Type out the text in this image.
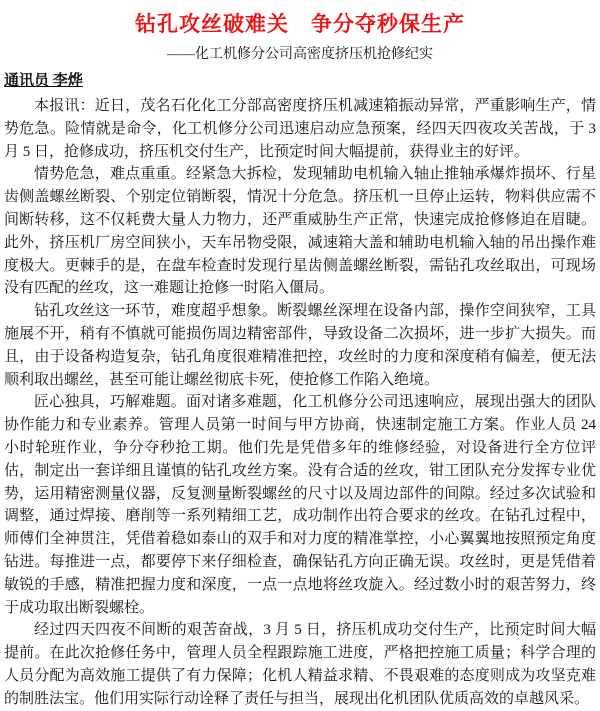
钻孔攻丝破难关　争分夺秒保生产
——化工机修分公司高密度挤压机抢修纪实
通讯员 李烨

本报讯：近日，茂名石化化工分部高密度挤压机减速箱振动异常，严重影响生产，情势危急。险情就是命令，化工机修分公司迅速启动应急预案，经四天四夜攻关苦战，于 3 月 5 日，抢修成功，挤压机交付生产，比预定时间大幅提前，获得业主的好评。

情势危急，难点重重。经紧急大拆检，发现辅助电机输入轴止推轴承爆炸损坏、行星齿侧盖螺丝断裂、个别定位销断裂，情况十分危急。挤压机一旦停止运转，物料供应需不间断转移，这不仅耗费大量人力物力，还严重威胁生产正常，快速完成抢修修迫在眉睫。此外，挤压机厂房空间狭小，天车吊物受限，减速箱大盖和辅助电机输入轴的吊出操作难度极大。更棘手的是，在盘车检查时发现行星齿侧盖螺丝断裂，需钻孔攻丝取出，可现场没有匹配的丝攻，这一难题让抢修一时陷入僵局。

钻孔攻丝这一环节，难度超乎想象。断裂螺丝深埋在设备内部，操作空间狭窄，工具施展不开，稍有不慎就可能损伤周边精密部件，导致设备二次损坏，进一步扩大损失。而且，由于设备构造复杂，钻孔角度很难精准把控，攻丝时的力度和深度稍有偏差，便无法顺利取出螺丝，甚至可能让螺丝彻底卡死，使抢修工作陷入绝境。

匠心独具，巧解难题。面对诸多难题，化工机修分公司迅速响应，展现出强大的团队协作能力和专业素养。管理人员第一时间与甲方协商，快速制定施工方案。作业人员 24 小时轮班作业，争分夺秒抢工期。他们先是凭借多年的维修经验，对设备进行全方位评估，制定出一套详细且谨慎的钻孔攻丝方案。没有合适的丝攻，钳工团队充分发挥专业优势，运用精密测量仪器，反复测量断裂螺丝的尺寸以及周边部件的间隙。经过多次试验和调整，通过焊接、磨削等一系列精细工艺，成功制作出符合要求的丝攻。在钻孔过程中，师傅们全神贯注，凭借着稳如泰山的双手和对力度的精准掌控，小心翼翼地按照预定角度钻进。每推进一点，都要停下来仔细检查，确保钻孔方向正确无误。攻丝时，更是凭借着敏锐的手感，精准把握力度和深度，一点一点地将丝攻旋入。经过数小时的艰苦努力，终于成功取出断裂螺栓。

经过四天四夜不间断的艰苦奋战，3 月 5 日，挤压机成功交付生产，比预定时间大幅提前。在此次抢修任务中，管理人员全程跟踪施工进度，严格把控施工质量；科学合理的人员分配为高效施工提供了有力保障；化机人精益求精、不畏艰难的态度则成为攻坚克难的制胜法宝。他们用实际行动诠释了责任与担当，展现出化机团队优质高效的卓越风采。
